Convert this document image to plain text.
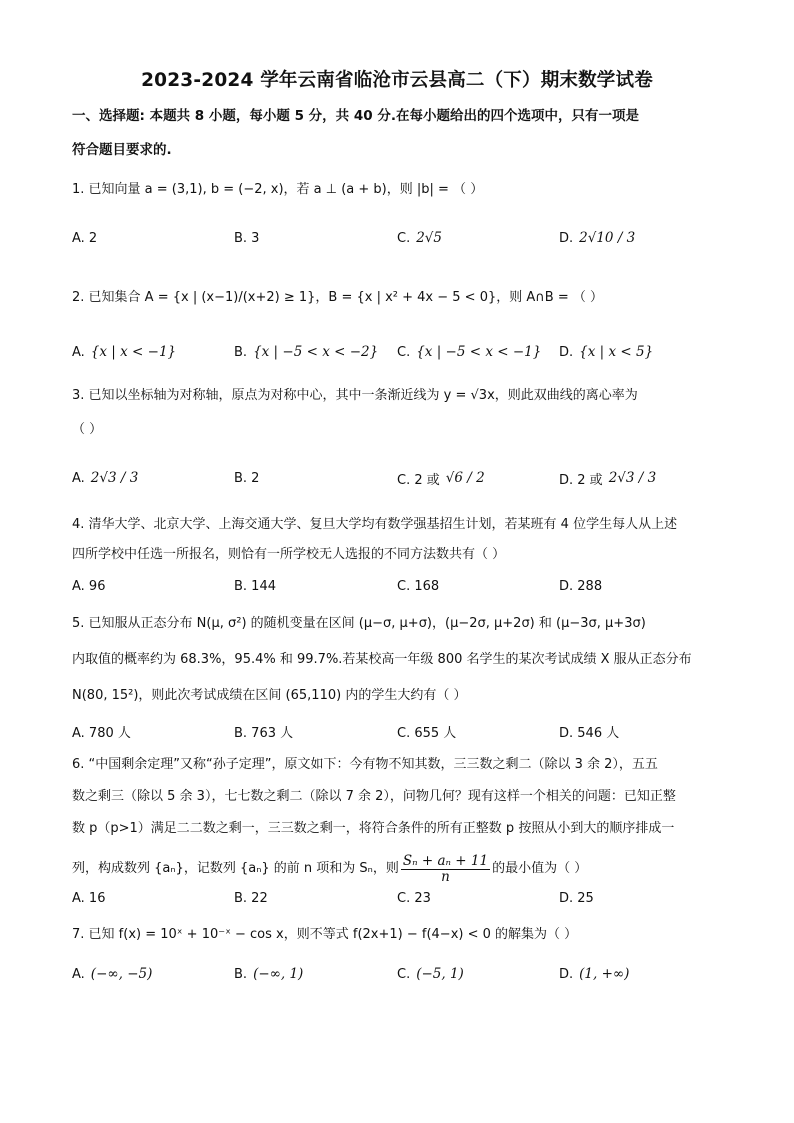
2023-2024 学年云南省临沧市云县高二（下）期末数学试卷
一、选择题: 本题共 8 小题，每小题 5 分，共 40 分.在每小题给出的四个选项中，只有一项是
符合题目要求的.
1. 已知向量 a = (3,1), b = (−2, x)，若 a ⊥ (a + b)，则 |b| = （ ）
A. 2	B. 3	C. 2√5	D. 2√10 / 3
2. 已知集合 A = {x | (x−1)/(x+2) ≥ 1}，B = {x | x² + 4x − 5 < 0}，则 A∩B = （ ）
A. {x | x < −1}	B. {x | −5 < x < −2} C. {x | −5 < x < −1} D. {x | x < 5}
3. 已知以坐标轴为对称轴，原点为对称中心，其中一条渐近线为 y = √3x，则此双曲线的离心率为
（ ）
A. 2√3 / 3	B. 2	C. 2 或 √6 / 2	D. 2 或 2√3 / 3
4. 清华大学、北京大学、上海交通大学、复旦大学均有数学强基招生计划，若某班有 4 位学生每人从上述
四所学校中任选一所报名，则恰有一所学校无人选报的不同方法数共有（ ）
A. 96	B. 144	C. 168	D. 288
5. 已知服从正态分布 N(μ, σ²) 的随机变量在区间 (μ−σ, μ+σ)，(μ−2σ, μ+2σ) 和 (μ−3σ, μ+3σ)
内取值的概率约为 68.3%，95.4% 和 99.7%.若某校高一年级 800 名学生的某次考试成绩 X 服从正态分布
N(80, 15²)，则此次考试成绩在区间 (65,110) 内的学生大约有（ ）
A. 780 人	B. 763 人	C. 655 人	D. 546 人
6. “中国剩余定理”又称“孙子定理”，原文如下：今有物不知其数，三三数之剩二（除以 3 余 2），五五
数之剩三（除以 5 余 3），七七数之剩二（除以 7 余 2），问物几何？现有这样一个相关的问题：已知正整
数 p（p>1）满足二二数之剩一，三三数之剩一，将符合条件的所有正整数 p 按照从小到大的顺序排成一
列，构成数列 {aₙ}，记数列 {aₙ} 的前 n 项和为 Sₙ，则 $\frac{\text{Sₙ + aₙ + 11}}{n}$ 的最小值为（ ）
A. 16	B. 22	C. 23	D. 25
7. 已知 f(x) = 10ˣ + 10⁻ˣ − cos x，则不等式 f(2x+1) − f(4−x) < 0 的解集为（ ）
A. (−∞, −5)	B. (−∞, 1)	C. (−5, 1)	D. (1, +∞)
